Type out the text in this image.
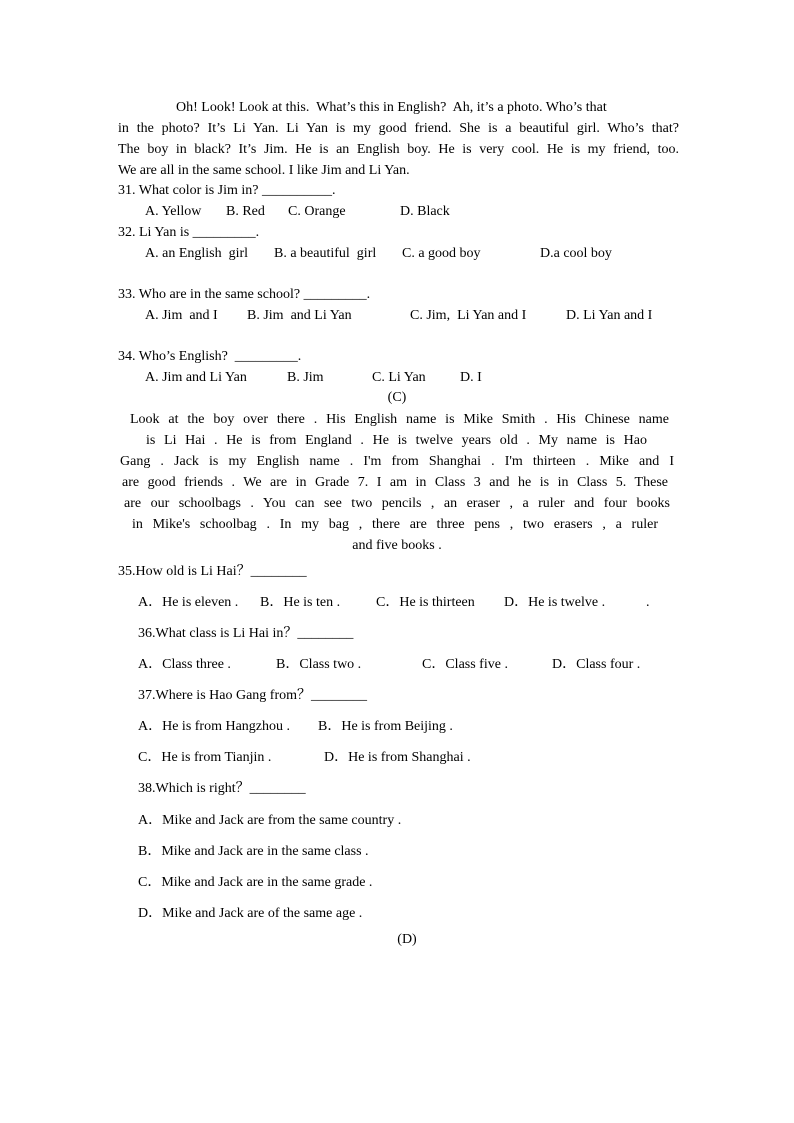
Oh! Look! Look at this.  What’s this in English?  Ah, it’s a photo. Who’s that
in the photo? It’s Li Yan. Li Yan is my good friend. She is a beautiful girl. Who’s that?
The boy in black? It’s Jim. He is an English boy. He is very cool. He is my friend, too.
We are all in the same school. I like Jim and Li Yan.
31. What color is Jim in? __________.
A. Yellow B. Red C. Orange	D. Black
32. Li Yan is _________.
A. an English  girl B. a beautiful  girl C. a good boy	D.a cool boy
33. Who are in the same school? _________.
A. Jim  and I B. Jim  and Li Yan	C. Jim,  Li Yan and I	D. Li Yan and I
34. Who’s English?  _________.
A. Jim and Li Yan	B. Jim	C. Li Yan D. I
(C)
Look at the boy over there . His English name is Mike Smith . His Chinese name
is Li Hai . He is from England . He is twelve years old . My name is Hao
Gang . Jack is my English name . I'm from Shanghai . I'm thirteen . Mike and I
are good friends . We are in Grade 7. I am in Class 3 and he is in Class 5. These
are our schoolbags . You can see two pencils , an eraser , a ruler and four books
in Mike's schoolbag . In my bag , there are three pens , two erasers , a ruler
and five books .
35.How old is Li Hai？________
A．He is eleven . B．He is ten .	C．He is thirteen D．He is twelve .	.
36.What class is Li Hai in？________
A．Class three .	B．Class two .	C．Class five .	D．Class four .
37.Where is Hao Gang from？________
A．He is from Hangzhou . B．He is from Beijing .
C．He is from Tianjin .	D．He is from Shanghai .
38.Which is right？________
A．Mike and Jack are from the same country .
B．Mike and Jack are in the same class .
C．Mike and Jack are in the same grade .
D．Mike and Jack are of the same age .
(D)
